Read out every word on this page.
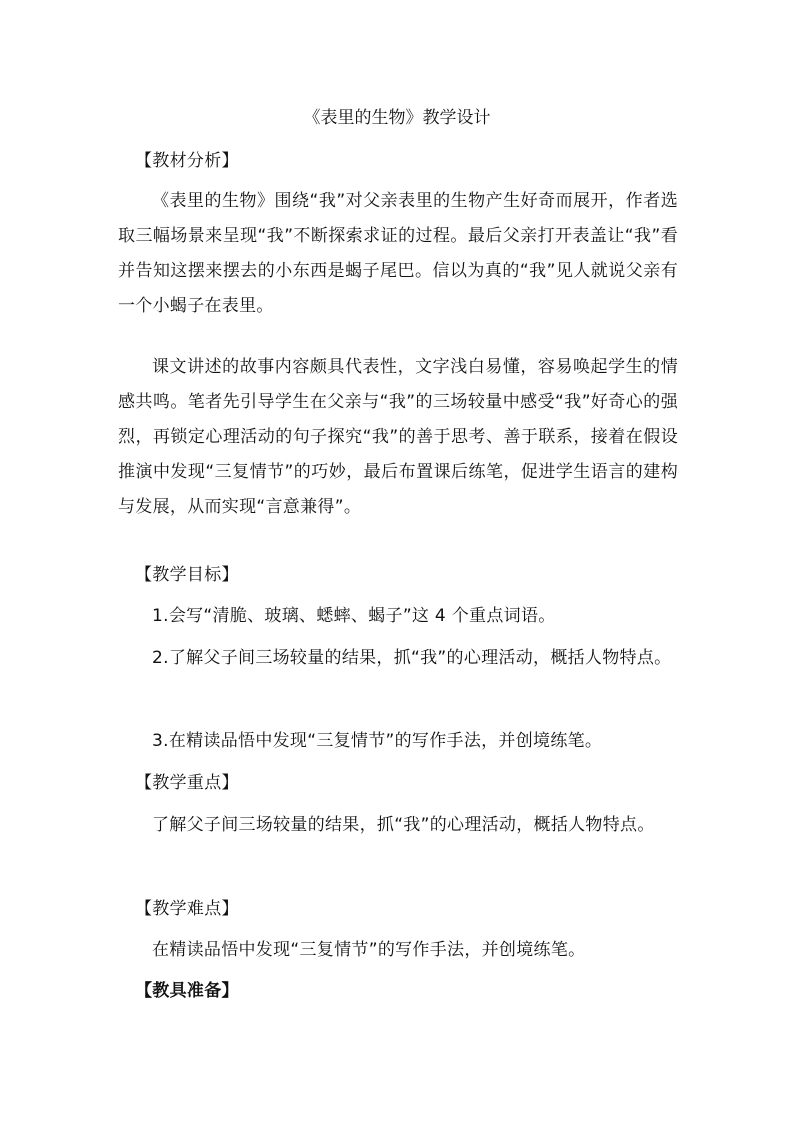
《表里的生物》教学设计

【教材分析】

《表里的生物》围绕“我”对父亲表里的生物产生好奇而展开，作者选取三幅场景来呈现“我”不断探索求证的过程。最后父亲打开表盖让“我”看并告知这摆来摆去的小东西是蝎子尾巴。信以为真的“我”见人就说父亲有一个小蝎子在表里。

课文讲述的故事内容颇具代表性，文字浅白易懂，容易唤起学生的情感共鸣。笔者先引导学生在父亲与“我”的三场较量中感受“我”好奇心的强烈，再锁定心理活动的句子探究“我”的善于思考、善于联系，接着在假设推演中发现“三复情节”的巧妙，最后布置课后练笔，促进学生语言的建构与发展，从而实现“言意兼得”。

【教学目标】

1.会写“清脆、玻璃、蟋蟀、蝎子”这 4 个重点词语。

2.了解父子间三场较量的结果，抓“我”的心理活动，概括人物特点。

3.在精读品悟中发现“三复情节”的写作手法，并创境练笔。

【教学重点】

了解父子间三场较量的结果，抓“我”的心理活动，概括人物特点。

【教学难点】

在精读品悟中发现“三复情节”的写作手法，并创境练笔。

【教具准备】
